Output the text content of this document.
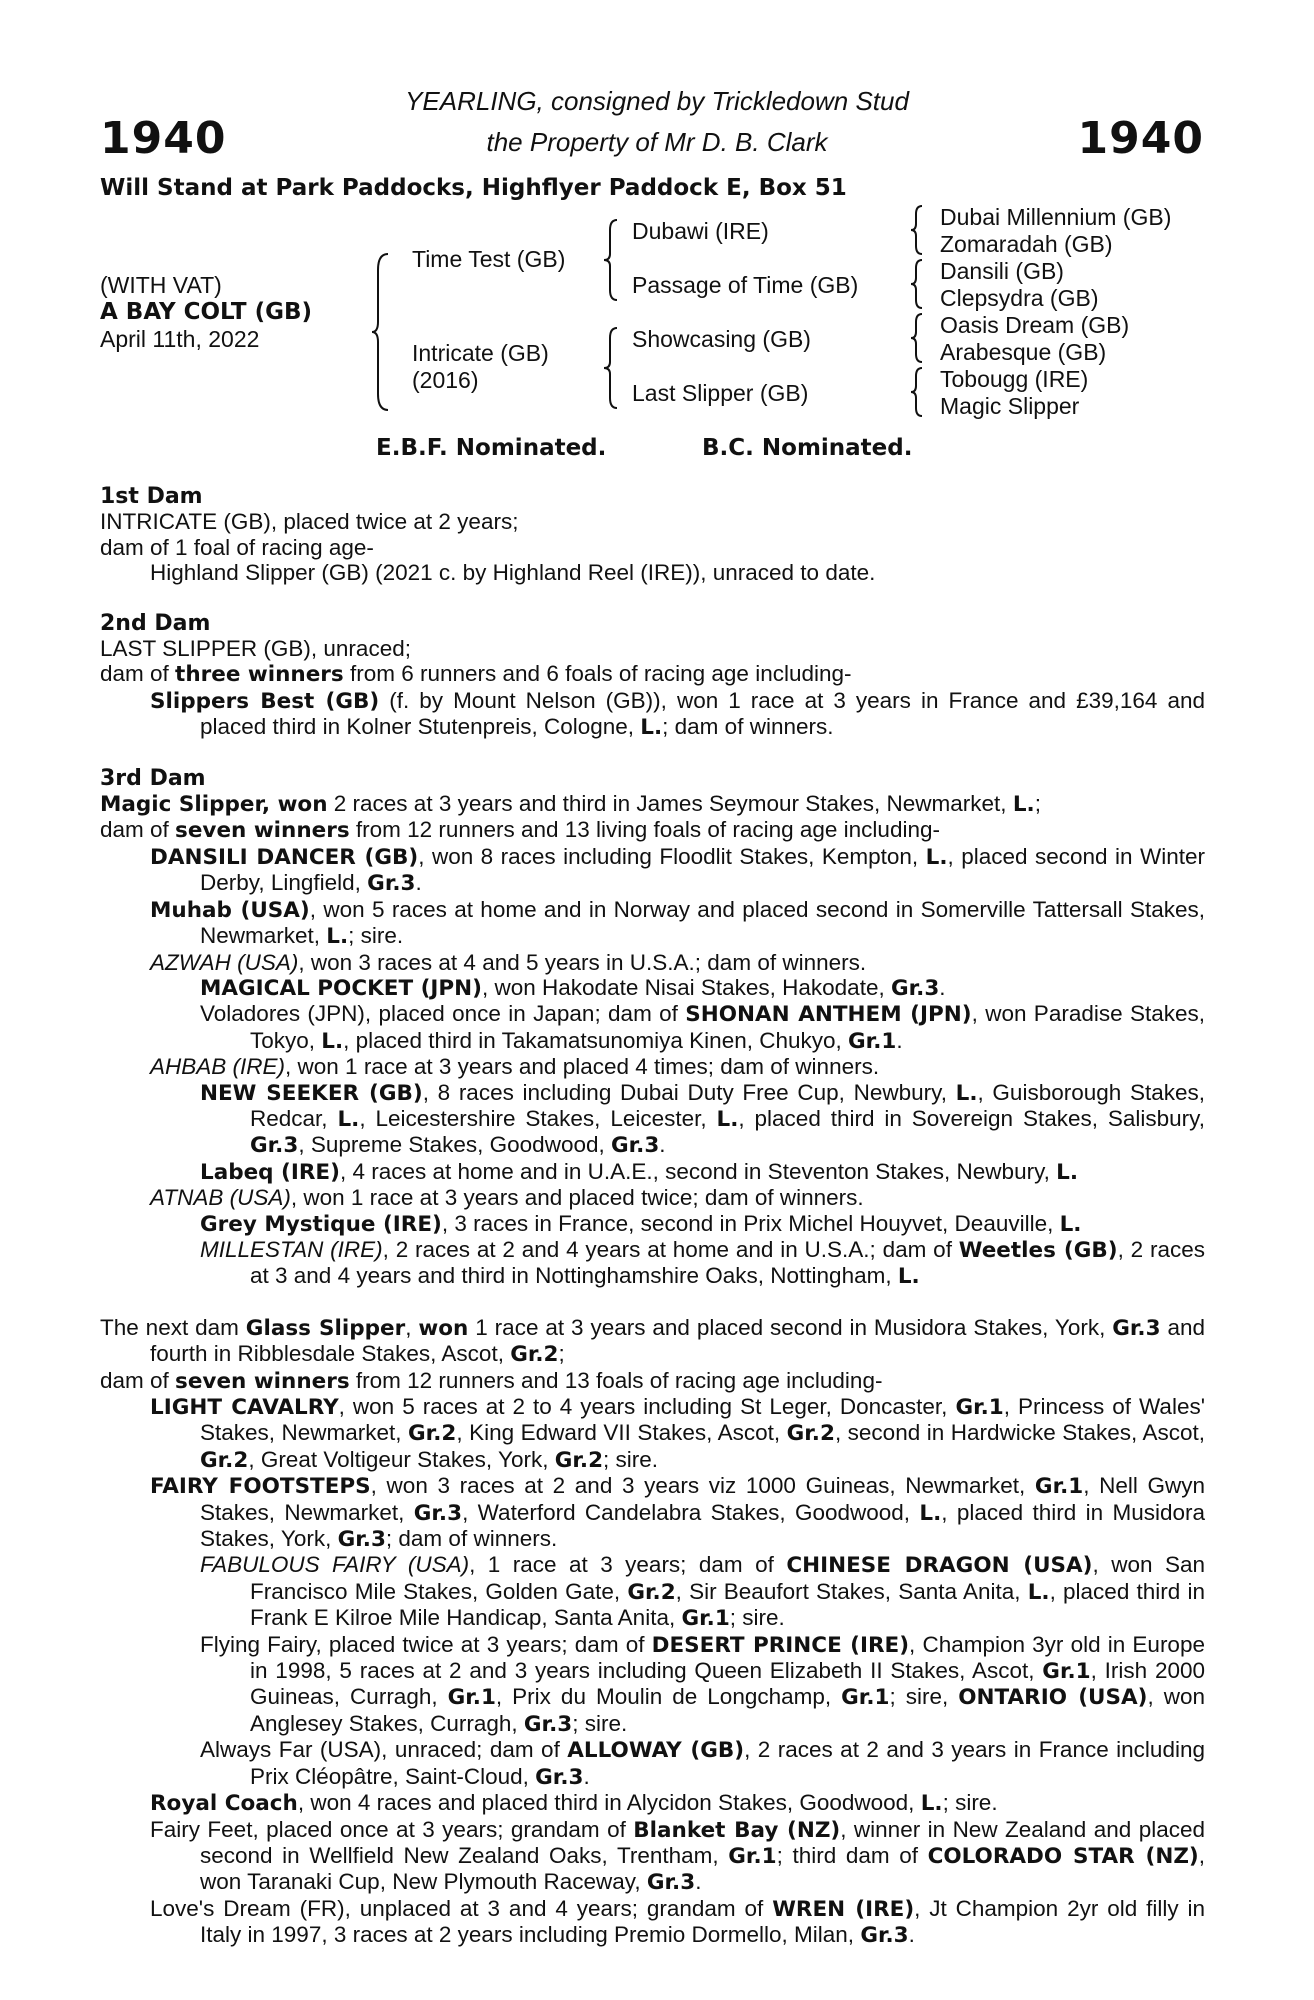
1940	1940
YEARLING, consigned by Trickledown Stud
the Property of Mr D. B. Clark
Will Stand at Park Paddocks, Highflyer Paddock E, Box 51
(WITH VAT)
A BAY COLT (GB)
April 11th, 2022
Time Test (GB)
Intricate (GB)
(2016)
Dubawi (IRE)
Passage of Time (GB)
Showcasing (GB)
Last Slipper (GB)
Dubai Millennium (GB)
Zomaradah (GB)
Dansili (GB)
Clepsydra (GB)
Oasis Dream (GB)
Arabesque (GB)
Tobougg (IRE)
Magic Slipper
E.B.F. Nominated.	B.C. Nominated.
1st Dam

INTRICATE (GB), placed twice at 2 years;

dam of 1 foal of racing age-

Highland Slipper (GB) (2021 c. by Highland Reel (IRE)), unraced to date.

2nd Dam

LAST SLIPPER (GB), unraced;

dam of three winners from 6 runners and 6 foals of racing age including-

Slippers Best (GB) (f. by Mount Nelson (GB)), won 1 race at 3 years in France and £39,164 and placed third in Kolner Stutenpreis, Cologne, L.; dam of winners.

3rd Dam

Magic Slipper, won 2 races at 3 years and third in James Seymour Stakes, Newmarket, L.;

dam of seven winners from 12 runners and 13 living foals of racing age including-

DANSILI DANCER (GB), won 8 races including Floodlit Stakes, Kempton, L., placed second in Winter Derby, Lingfield, Gr.3.

Muhab (USA), won 5 races at home and in Norway and placed second in Somerville Tattersall Stakes, Newmarket, L.; sire.

AZWAH (USA), won 3 races at 4 and 5 years in U.S.A.; dam of winners.

MAGICAL POCKET (JPN), won Hakodate Nisai Stakes, Hakodate, Gr.3.

Voladores (JPN), placed once in Japan; dam of SHONAN ANTHEM (JPN), won Paradise Stakes, Tokyo, L., placed third in Takamatsunomiya Kinen, Chukyo, Gr.1.

AHBAB (IRE), won 1 race at 3 years and placed 4 times; dam of winners.

NEW SEEKER (GB), 8 races including Dubai Duty Free Cup, Newbury, L., Guisborough Stakes, Redcar, L., Leicestershire Stakes, Leicester, L., placed third in Sovereign Stakes, Salisbury, Gr.3, Supreme Stakes, Goodwood, Gr.3.

Labeq (IRE), 4 races at home and in U.A.E., second in Steventon Stakes, Newbury, L.

ATNAB (USA), won 1 race at 3 years and placed twice; dam of winners.

Grey Mystique (IRE), 3 races in France, second in Prix Michel Houyvet, Deauville, L.

MILLESTAN (IRE), 2 races at 2 and 4 years at home and in U.S.A.; dam of Weetles (GB), 2 races at 3 and 4 years and third in Nottinghamshire Oaks, Nottingham, L.

The next dam Glass Slipper, won 1 race at 3 years and placed second in Musidora Stakes, York, Gr.3 and fourth in Ribblesdale Stakes, Ascot, Gr.2;

dam of seven winners from 12 runners and 13 foals of racing age including-

LIGHT CAVALRY, won 5 races at 2 to 4 years including St Leger, Doncaster, Gr.1, Princess of Wales' Stakes, Newmarket, Gr.2, King Edward VII Stakes, Ascot, Gr.2, second in Hardwicke Stakes, Ascot, Gr.2, Great Voltigeur Stakes, York, Gr.2; sire.

FAIRY FOOTSTEPS, won 3 races at 2 and 3 years viz 1000 Guineas, Newmarket, Gr.1, Nell Gwyn Stakes, Newmarket, Gr.3, Waterford Candelabra Stakes, Goodwood, L., placed third in Musidora Stakes, York, Gr.3; dam of winners.

FABULOUS FAIRY (USA), 1 race at 3 years; dam of CHINESE DRAGON (USA), won San Francisco Mile Stakes, Golden Gate, Gr.2, Sir Beaufort Stakes, Santa Anita, L., placed third in Frank E Kilroe Mile Handicap, Santa Anita, Gr.1; sire.

Flying Fairy, placed twice at 3 years; dam of DESERT PRINCE (IRE), Champion 3yr old in Europe in 1998, 5 races at 2 and 3 years including Queen Elizabeth II Stakes, Ascot, Gr.1, Irish 2000 Guineas, Curragh, Gr.1, Prix du Moulin de Longchamp, Gr.1; sire, ONTARIO (USA), won Anglesey Stakes, Curragh, Gr.3; sire.

Always Far (USA), unraced; dam of ALLOWAY (GB), 2 races at 2 and 3 years in France including Prix Cléopâtre, Saint-Cloud, Gr.3.

Royal Coach, won 4 races and placed third in Alycidon Stakes, Goodwood, L.; sire.

Fairy Feet, placed once at 3 years; grandam of Blanket Bay (NZ), winner in New Zealand and placed second in Wellfield New Zealand Oaks, Trentham, Gr.1; third dam of COLORADO STAR (NZ), won Taranaki Cup, New Plymouth Raceway, Gr.3.

Love's Dream (FR), unplaced at 3 and 4 years; grandam of WREN (IRE), Jt Champion 2yr old filly in Italy in 1997, 3 races at 2 years including Premio Dormello, Milan, Gr.3.
